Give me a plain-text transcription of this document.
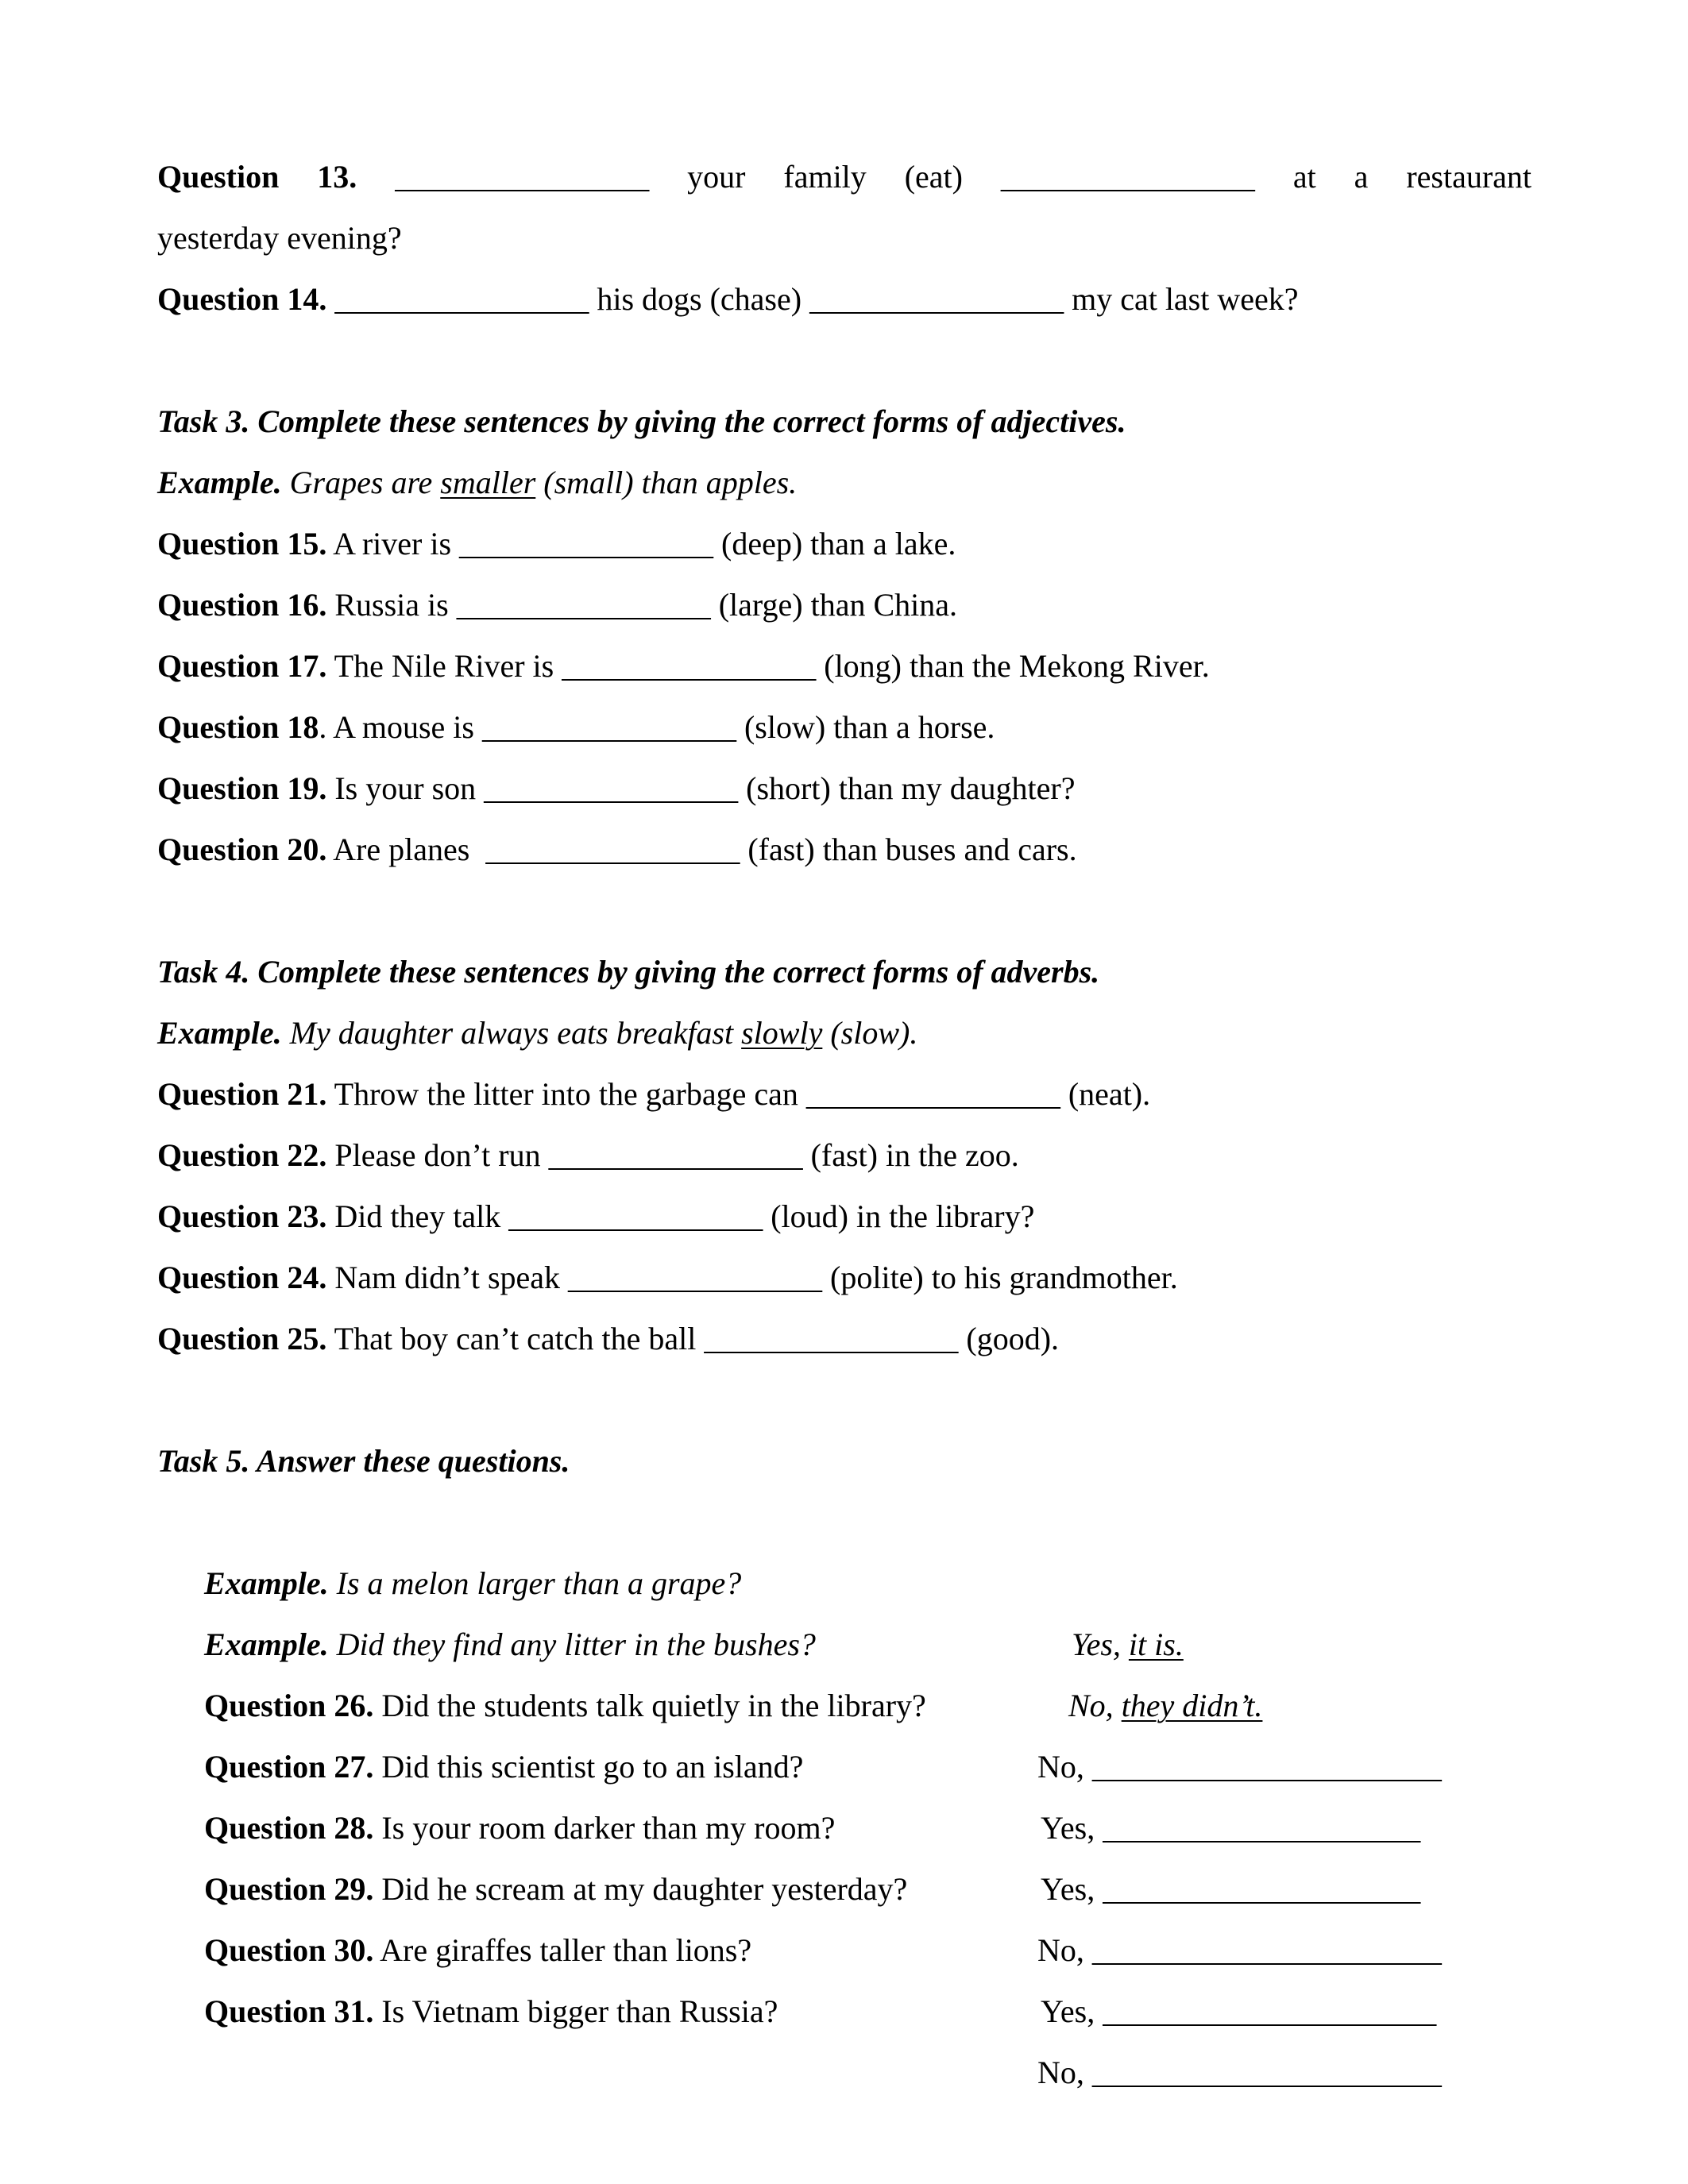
Question 13. ________________ your family (eat) ________________ at a restaurant
yesterday evening?
Question 14. ________________ his dogs (chase) ________________ my cat last week?
Task 3. Complete these sentences by giving the correct forms of adjectives.
Example. Grapes are smaller (small) than apples.
Question 15. A river is ________________ (deep) than a lake.
Question 16. Russia is ________________ (large) than China.
Question 17. The Nile River is ________________ (long) than the Mekong River.
Question 18. A mouse is ________________ (slow) than a horse.
Question 19. Is your son ________________ (short) than my daughter?
Question 20. Are planes  ________________ (fast) than buses and cars.
Task 4. Complete these sentences by giving the correct forms of adverbs.
Example. My daughter always eats breakfast slowly (slow).
Question 21. Throw the litter into the garbage can ________________ (neat).
Question 22. Please don’t run ________________ (fast) in the zoo.
Question 23. Did they talk ________________ (loud) in the library?
Question 24. Nam didn’t speak ________________ (polite) to his grandmother.
Question 25. That boy can’t catch the ball ________________ (good).
Task 5. Answer these questions.

Example. Is a melon larger than a grape?

Yes, it is.

Example. Did they find any litter in the bushes?

No, they didn’t.

Question 26. Did the students talk quietly in the library?

No, ______________________

Question 27. Did this scientist go to an island?

Yes, ____________________

Question 28. Is your room darker than my room?

Yes, ____________________

Question 29. Did he scream at my daughter yesterday?

No, ______________________

Question 30. Are giraffes taller than lions?

Yes, _____________________

Question 31. Is Vietnam bigger than Russia?

No, ______________________
